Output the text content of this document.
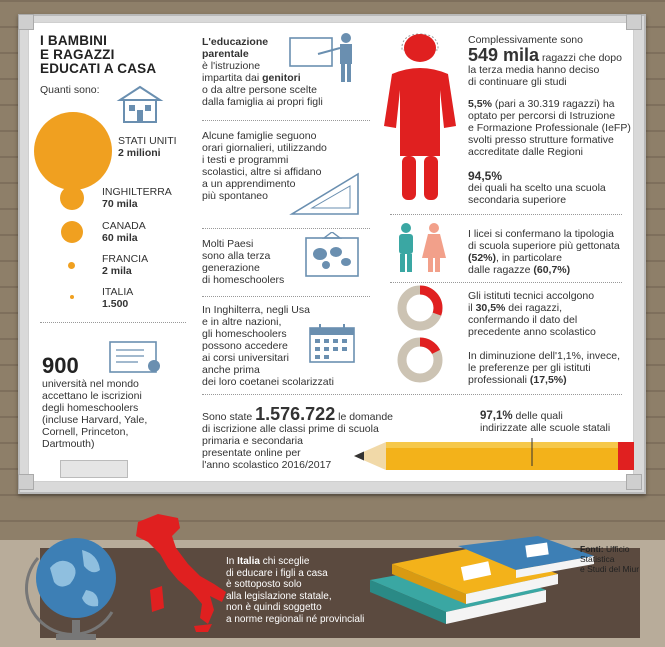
I BAMBINI
E RAGAZZI
EDUCATI A CASA
Quanti sono:
STATI UNITI
2 milioni
INGHILTERRA
70 mila
CANADA
60 mila
FRANCIA
2 mila
ITALIA
1.500
900
università nel mondo
accettano le iscrizioni
degli homeschoolers
(incluse Harvard, Yale,
Cornell, Princeton,
Dartmouth)
L'educazione
parentale
è l'istruzione
impartita dai genitori
o da altre persone scelte
dalla famiglia ai propri figli
Alcune famiglie seguono
orari giornalieri, utilizzando
i testi e programmi
scolastici, altre si affidano
a un apprendimento
più spontaneo
Molti Paesi
sono alla terza
generazione
di homeschoolers
In Inghilterra, negli Usa
e in altre nazioni,
gli homeschoolers
possono accedere
ai corsi universitari
anche prima
dei loro coetanei scolarizzati
Complessivamente sono
549 mila ragazzi che dopo
la terza media hanno deciso
di continuare gli studi
5,5% (pari a 30.319 ragazzi) ha
optato per percorsi di Istruzione
e Formazione Professionale (IeFP)
svolti presso strutture formative
accreditate dalle Regioni
94,5%
dei quali ha scelto una scuola
secondaria superiore
I licei si confermano la tipologia
di scuola superiore più gettonata
(52%), in particolare
dalle ragazze (60,7%)
Gli istituti tecnici accolgono
il 30,5% dei ragazzi,
confermando il dato del
precedente anno scolastico
In diminuzione dell'1,1%, invece,
le preferenze per gli istituti
professionali (17,5%)
Sono state 1.576.722 le domande
di iscrizione alle classi prime di scuola
primaria e secondaria
presentate online per
l'anno scolastico 2016/2017
97,1% delle quali
indirizzate alle scuole statali
In Italia chi sceglie
di educare i figli a casa
è sottoposto solo
alla legislazione statale,
non è quindi soggetto
a norme regionali né provinciali
Fonti: Ufficio Statistica
e Studi del Miur
